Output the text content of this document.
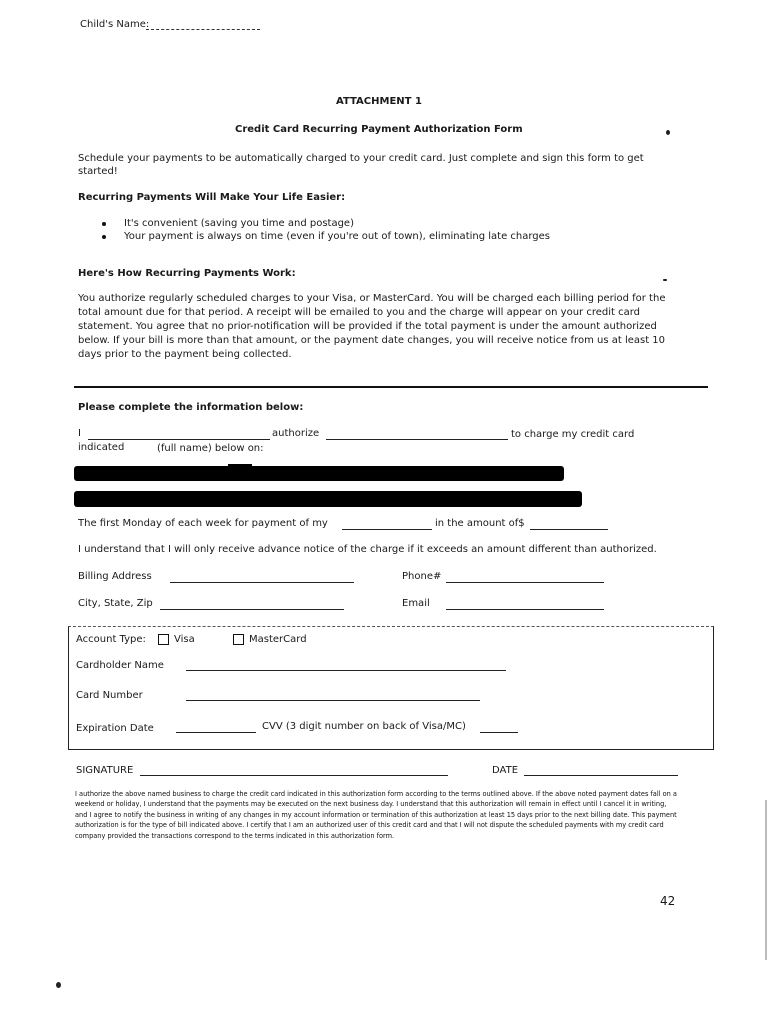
Child's Name:
ATTACHMENT 1
Credit Card Recurring Payment Authorization Form
Schedule your payments to be automatically charged to your credit card. Just complete and sign this form to get
started!
Recurring Payments Will Make Your Life Easier:
It's convenient (saving you time and postage)
Your payment is always on time (even if you're out of town), eliminating late charges
Here's How Recurring Payments Work:
You authorize regularly scheduled charges to your Visa, or MasterCard. You will be charged each billing period for the
total amount due for that period. A receipt will be emailed to you and the charge will appear on your credit card
statement. You agree that no prior-notification will be provided if the total payment is under the amount authorized
below. If your bill is more than that amount, or the payment date changes, you will receive notice from us at least 10
days prior to the payment being collected.
Please complete the information below:
I	authorize	to charge my credit card
indicated	(full name) below on:
The first Monday of each week for payment of my	in the amount of$
I understand that I will only receive advance notice of the charge if it exceeds an amount different than authorized.
Billing Address	Phone#
City, State, Zip	Email
Account Type:	Visa	MasterCard
Cardholder Name
Card Number
Expiration Date	CVV (3 digit number on back of Visa/MC)
SIGNATURE	DATE
I authorize the above named business to charge the credit card indicated in this authorization form according to the terms outlined above. If the above noted payment dates fall on a weekend or holiday, I understand that the payments may be executed on the next business day. I understand that this authorization will remain in effect until I cancel it in writing, and I agree to notify the business in writing of any changes in my account information or termination of this authorization at least 15 days prior to the next billing date. This payment authorization is for the type of bill indicated above. I certify that I am an authorized user of this credit card and that I will not dispute the scheduled payments with my credit card company provided the transactions correspond to the terms indicated in this authorization form.
42
